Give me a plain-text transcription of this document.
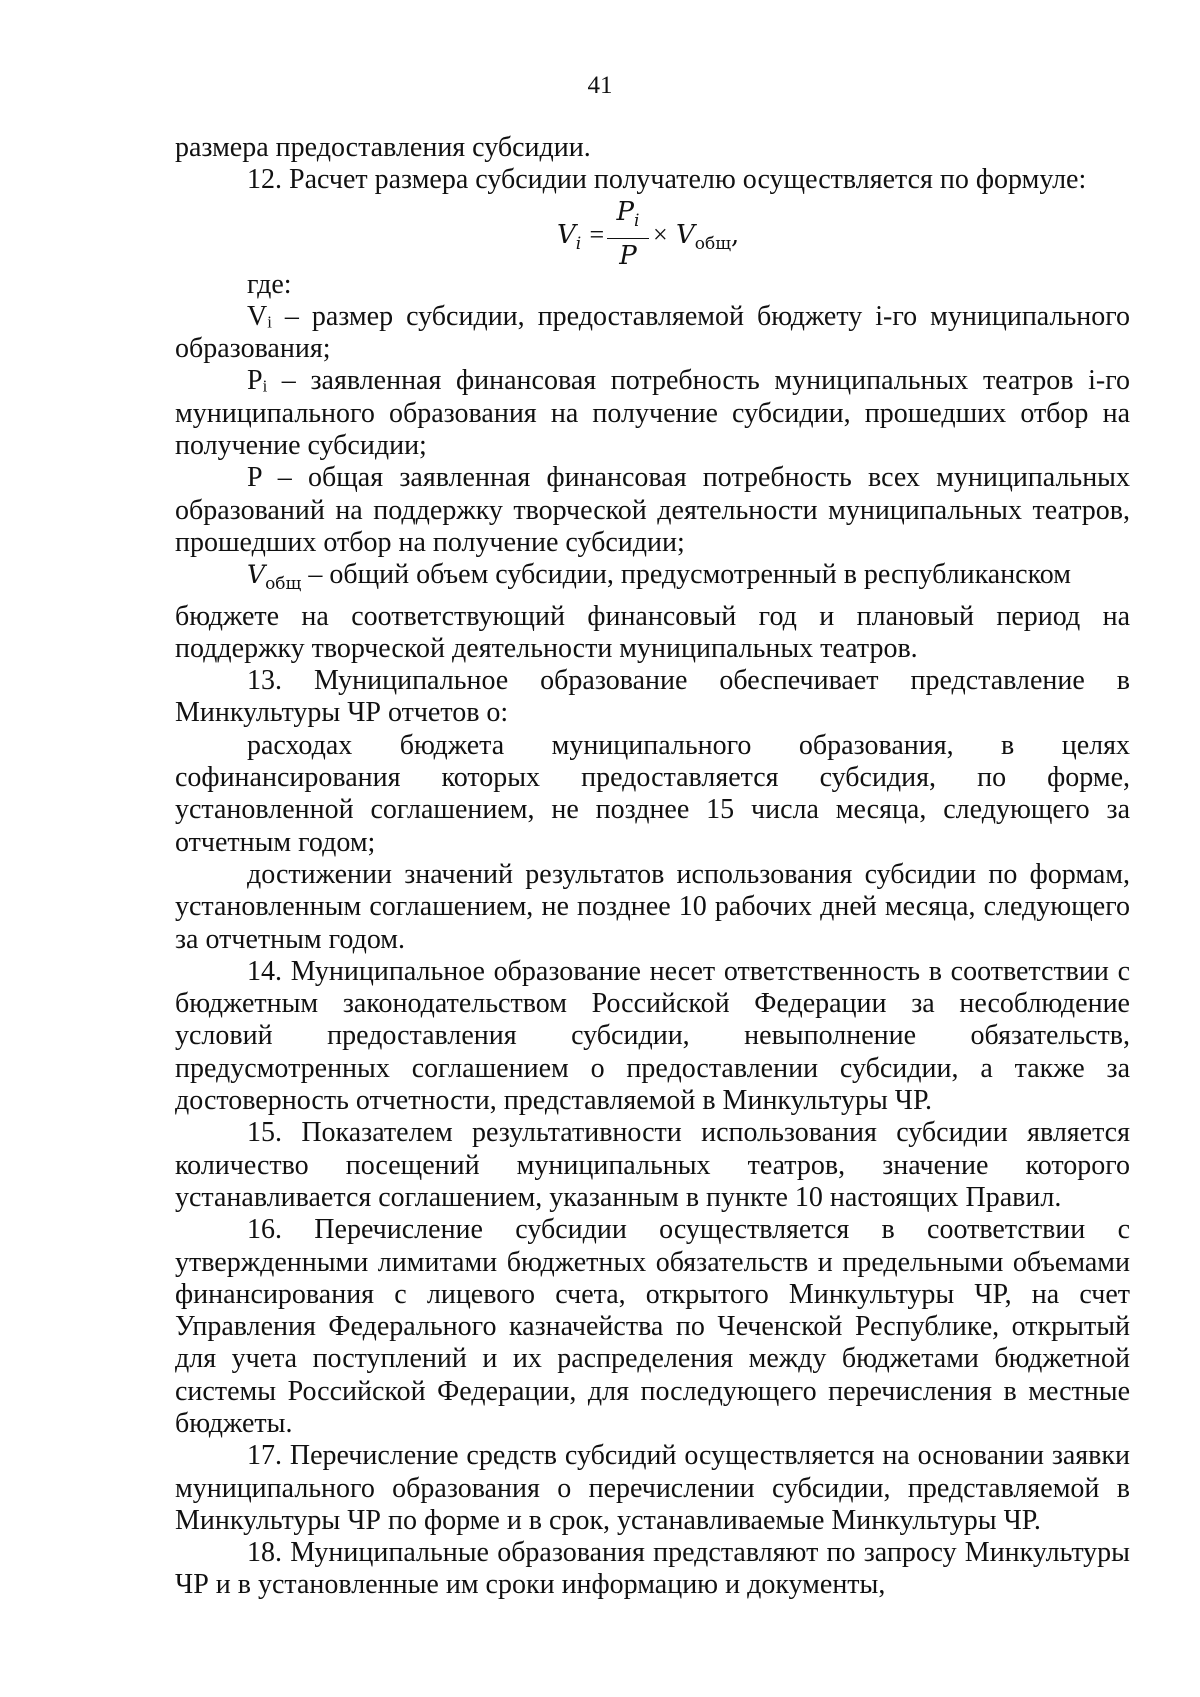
41

размера предоставления субсидии.

12. Расчет размера субсидии получателю осуществляется по формуле:

$V_i$ =
$P_i$
P
× $V_{общ}$,

где:

Vᵢ – размер субсидии, предоставляемой бюджету i-го муниципального образования;

Pᵢ – заявленная финансовая потребность муниципальных театров i-го муниципального образования на получение субсидии, прошедших отбор на получение субсидии;

P – общая заявленная финансовая потребность всех муниципальных образований на поддержку творческой деятельности муниципальных театров, прошедших отбор на получение субсидии;

$V_{общ}$ – общий объем субсидии, предусмотренный в республиканском

бюджете на соответствующий финансовый год и плановый период на поддержку творческой деятельности муниципальных театров.

13. Муниципальное образование обеспечивает представление в Минкультуры ЧР отчетов о:

расходах бюджета муниципального образования, в целях софинансирования которых предоставляется субсидия, по форме, установленной соглашением, не позднее 15 числа месяца, следующего за отчетным годом;

достижении значений результатов использования субсидии по формам, установленным соглашением, не позднее 10 рабочих дней месяца, следующего за отчетным годом.

14. Муниципальное образование несет ответственность в соответствии с бюджетным законодательством Российской Федерации за несоблюдение условий предоставления субсидии, невыполнение обязательств, предусмотренных соглашением о предоставлении субсидии, а также за достоверность отчетности, представляемой в Минкультуры ЧР.

15. Показателем результативности использования субсидии является количество посещений муниципальных театров, значение которого устанавливается соглашением, указанным в пункте 10 настоящих Правил.

16. Перечисление субсидии осуществляется в соответствии с утвержденными лимитами бюджетных обязательств и предельными объемами финансирования с лицевого счета, открытого Минкультуры ЧР, на счет Управления Федерального казначейства по Чеченской Республике, открытый для учета поступлений и их распределения между бюджетами бюджетной системы Российской Федерации, для последующего перечисления в местные бюджеты.

17. Перечисление средств субсидий осуществляется на основании заявки муниципального образования о перечислении субсидии, представляемой в Минкультуры ЧР по форме и в срок, устанавливаемые Минкультуры ЧР.

18. Муниципальные образования представляют по запросу Минкультуры ЧР и в установленные им сроки информацию и документы,
